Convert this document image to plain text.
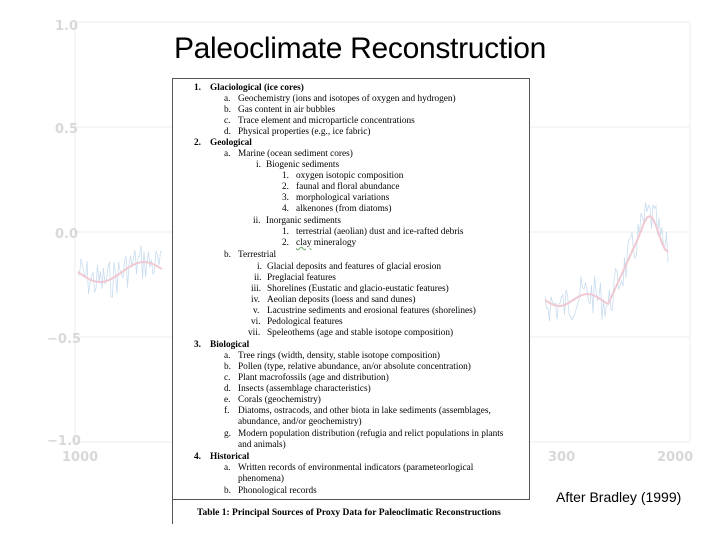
1.0
0.5
0.0
−0.5
−1.0
1000	300	2000
Paleoclimate Reconstruction
1. Glaciological (ice cores)
a. Geochemistry (ions and isotopes of oxygen and hydrogen)
b. Gas content in air bubbles
c. Trace element and microparticle concentrations
d. Physical properties (e.g., ice fabric)
2. Geological
a. Marine (ocean sediment cores)
i. Biogenic sediments
1. oxygen isotopic composition
2. faunal and floral abundance
3. morphological variations
4. alkenones (from diatoms)
ii. Inorganic sediments
1. terrestrial (aeolian) dust and ice-rafted debris
2. clay mineralogy
b. Terrestrial
i. Glacial deposits and features of glacial erosion
ii. Preglacial features
iii. Shorelines (Eustatic and glacio-eustatic features)
iv. Aeolian deposits (loess and sand dunes)
v. Lacustrine sediments and erosional features (shorelines)
vi. Pedological features
vii. Speleothems (age and stable isotope composition)
3. Biological
a. Tree rings (width, density, stable isotope composition)
b. Pollen (type, relative abundance, an/or absolute concentration)
c. Plant macrofossils (age and distribution)
d. Insects (assemblage characteristics)
e. Corals (geochemistry)
f. Diatoms, ostracods, and other biota in lake sediments (assemblages,
abundance, and/or geochemistry)
g. Modern population distribution (refugia and relict populations in plants
and animals)
4. Historical
a. Written records of environmental indicators (parameteorlogical
phenomena)
b. Phonological records
Table 1: Principal Sources of Proxy Data for Paleoclimatic Reconstructions
After Bradley (1999)
